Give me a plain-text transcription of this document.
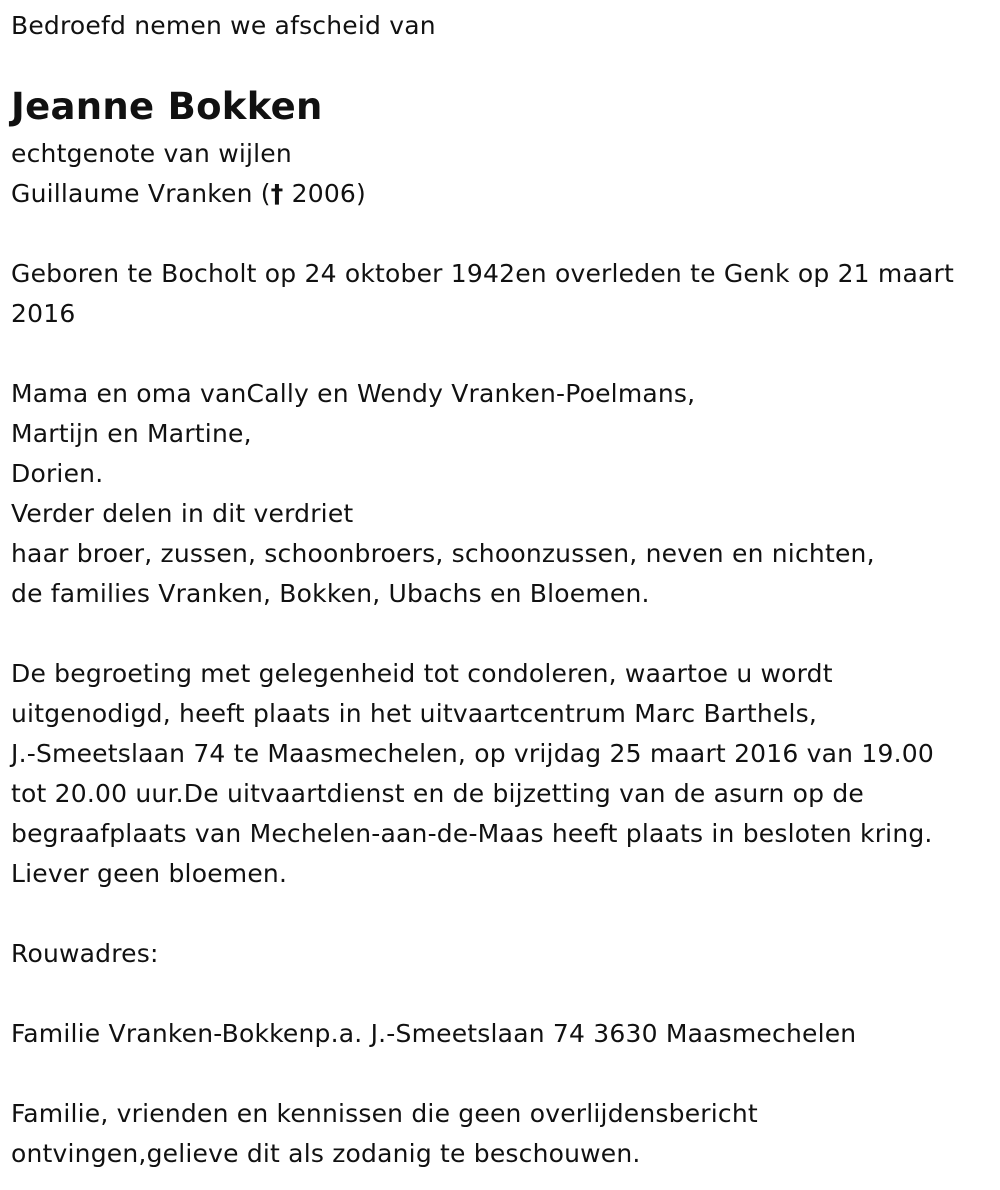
Bedroefd nemen we afscheid van
Jeanne Bokken
echtgenote van wijlen
Guillaume Vranken († 2006)
Geboren te Bocholt op 24 oktober 1942en overleden te Genk op 21 maart
2016
Mama en oma vanCally en Wendy Vranken-Poelmans,
Martijn en Martine,
Dorien.
Verder delen in dit verdriet
haar broer, zussen, schoonbroers, schoonzussen, neven en nichten,
de families Vranken, Bokken, Ubachs en Bloemen.
De begroeting met gelegenheid tot condoleren, waartoe u wordt
uitgenodigd, heeft plaats in het uitvaartcentrum Marc Barthels,
J.-Smeetslaan 74 te Maasmechelen, op vrijdag 25 maart 2016 van 19.00
tot 20.00 uur.De uitvaartdienst en de bijzetting van de asurn op de
begraafplaats van Mechelen-aan-de-Maas heeft plaats in besloten kring.
Liever geen bloemen.
Rouwadres:
Familie Vranken-Bokkenp.a. J.-Smeetslaan 74 3630 Maasmechelen
Familie, vrienden en kennissen die geen overlijdensbericht
ontvingen,gelieve dit als zodanig te beschouwen.
